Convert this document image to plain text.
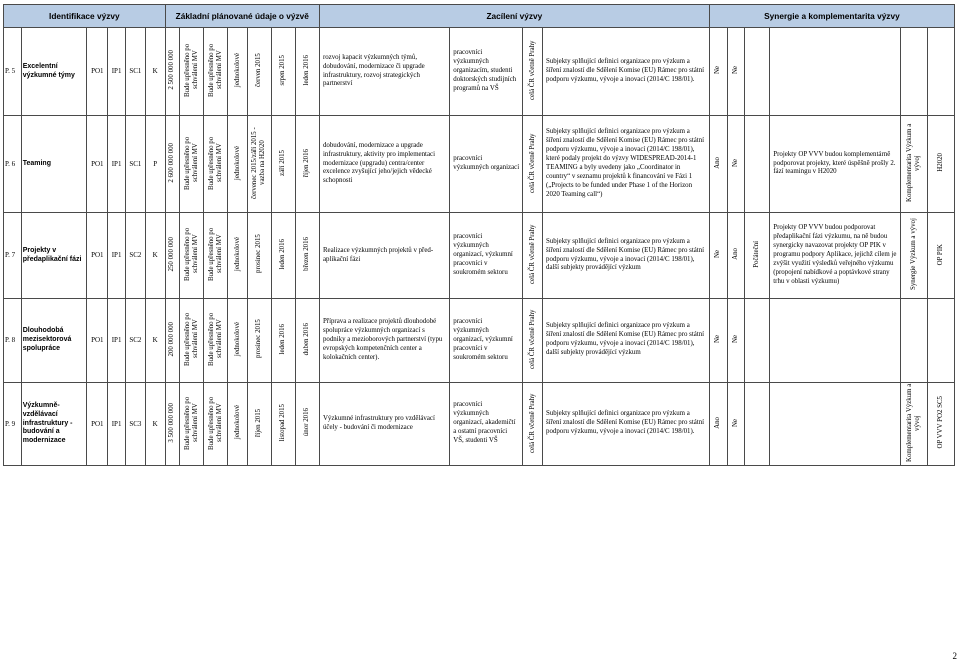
Identifikace výzvy						Základní plánované údaje o výzvě							Zacílení výzvy				Synergie a komplementarita výzvy					
P. 5	Excelentní výzkumné týmy	PO1	IP1	SC1	K	2 500 000 000	Bude upřesněno po schválení MV	Bude upřesněno po schválení MV	jednokolové	červen 2015	srpen 2015	leden 2016	rozvoj kapacit výzkumných týmů, dobudování, modernizace či upgrade infrastruktury, rozvoj strategických partnerství	pracovníci výzkumných organizacím, studenti doktorských studijních programů na VŠ	celá ČR včetně Prahy	Subjekty splňující definici organizace pro výzkum a šíření znalostí dle Sdělení Komise (EU) Rámec pro státní podporu výzkumu, vývoje a inovací (2014/C 198/01).	Ne	Ne				
P. 6	Teaming	PO1	IP1	SC1	P	2 600 000 000	Bude upřesněno po schválení MV	Bude upřesněno po schválení MV	jednokolové	červenec 2015/září 2015 - vazba na H2020	září 2015	říjen 2016	dobudování, modernizace a upgrade infrastruktury, aktivity pro implementaci modernizace (upgradu) centra/center excelence zvyšující jeho/jejich vědecké schopnosti	pracovníci výzkumných organizací	celá ČR včetně Prahy	Subjekty splňující definici organizace pro výzkum a šíření znalostí dle Sdělení Komise (EU) Rámec pro státní podporu výzkumu, vývoje a inovací (2014/C 198/01), které podaly projekt do výzvy WIDESPREAD-2014-1 TEAMING a byly uvedeny jako „Coordinator in country“ v seznamu projektů k financování ve Fázi 1 („Projects to be funded under Phase 1 of the Horizon 2020 Teaming call“)	Ano	Ne		Projekty OP VVV budou komplementárně podporovat projekty, které úspěšně prošly 2. fází teamingu v H2020	Komplementarita Výzkum a vývoj	H2020
P. 7	Projekty v předaplikační fázi	PO1	IP1	SC2	K	250 000 000	Bude upřesněno po schválení MV	Bude upřesněno po schválení MV	jednokolové	prosinec 2015	leden 2016	březen 2016	Realizace výzkumných projektů v před-aplikační fázi	pracovníci výzkumných organizací, výzkumní pracovníci v soukromém sektoru	celá ČR včetně Prahy	Subjekty splňující definici organizace pro výzkum a šíření znalostí dle Sdělení Komise (EU) Rámec pro státní podporu výzkumu, vývoje a inovací (2014/C 198/01), další subjekty provádějící výzkum	Ne	Ano	Počáteční	Projekty OP VVV budou podporovat předaplikační fázi výzkumu, na ně budou synergicky navazovat projekty OP PIK v programu podpory Aplikace, jejichž cílem je zvýšit využití výsledků veřejného výzkumu (propojení nabídkové a poptávkové strany trhu v oblasti výzkumu)	Synergie Výzkum a vývoj	OP PIK
P. 8	Dlouhodobá mezisektorová spolupráce	PO1	IP1	SC2	K	200 000 000	Bude upřesněno po schválení MV	Bude upřesněno po schválení MV	jednokolové	prosinec 2015	leden 2016	duben 2016	Příprava a realizace projektů dlouhodobé spolupráce výzkumných organizací s podniky a mezioborových partnerství (typu evropských kompetenčních center a kolokačních center).	pracovníci výzkumných organizací, výzkumní pracovníci v soukromém sektoru	celá ČR včetně Prahy	Subjekty splňující definici organizace pro výzkum a šíření znalostí dle Sdělení Komise (EU) Rámec pro státní podporu výzkumu, vývoje a inovací (2014/C 198/01), další subjekty provádějící výzkum	Ne	Ne				
P. 9	Výzkumně-vzdělávací infrastruktury - budování a modernizace	PO1	IP1	SC3	K	3 500 000 000	Bude upřesněno po schválení MV	Bude upřesněno po schválení MV	jednokolové	říjen 2015	listopad 2015	únor 2016	Výzkumné infrastruktury pro vzdělávací účely - budování či modernizace	pracovníci výzkumných organizací, akademičtí a ostatní pracovníci VŠ, studenti VŠ	celá ČR včetně Prahy	Subjekty splňující definici organizace pro výzkum a šíření znalostí dle Sdělení Komise (EU) Rámec pro státní podporu výzkumu, vývoje a inovací (2014/C 198/01).	Ano	Ne			Komplementarita Výzkum a vývoj	OP VVV PO2 SC5
2
